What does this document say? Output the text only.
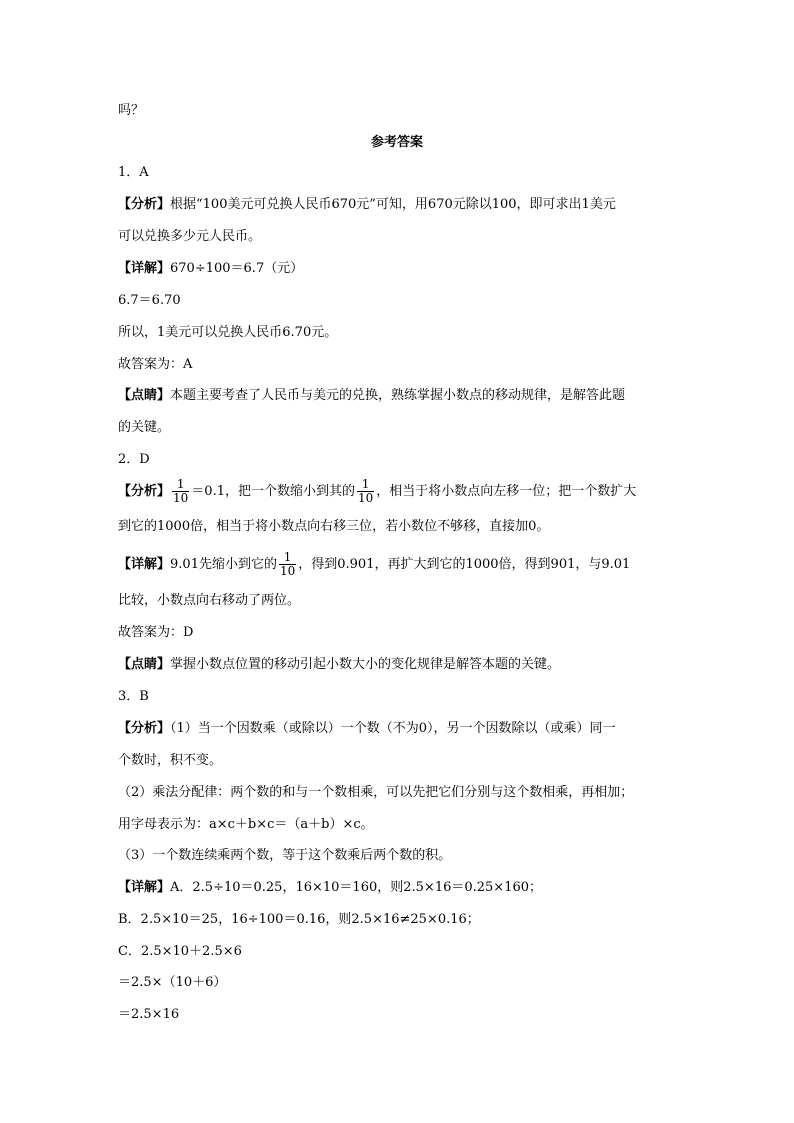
吗？
参考答案
1．A
【分析】根据“100美元可兑换人民币670元”可知，用670元除以100，即可求出1美元
可以兑换多少元人民币。
【详解】670÷100＝6.7（元）
6.7＝6.70
所以，1美元可以兑换人民币6.70元。
故答案为：A
【点睛】本题主要考查了人民币与美元的兑换，熟练掌握小数点的移动规律，是解答此题
的关键。
2．D
【分析】 $\frac{1}{10} =0.1$，把一个数缩小到其的 $\frac{1}{10}$ ，相当于将小数点向左移一位；把一个数扩大
到它的1000倍，相当于将小数点向右移三位，若小数位不够移，直接加0。
【详解】9.01先缩小到它的 $\frac{1}{10}$ ，得到0.901，再扩大到它的1000倍，得到901，与9.01
比较，小数点向右移动了两位。
故答案为：D
【点睛】掌握小数点位置的移动引起小数大小的变化规律是解答本题的关键。
3．B
【分析】（1）当一个因数乘（或除以）一个数（不为0），另一个因数除以（或乘）同一
个数时，积不变。
（2）乘法分配律：两个数的和与一个数相乘，可以先把它们分别与这个数相乘，再相加；
用字母表示为：a×c＋b×c＝（a＋b）×c。
（3）一个数连续乘两个数，等于这个数乘后两个数的积。
【详解】A．2.5÷10＝0.25，16×10＝160，则2.5×16＝0.25×160；
B．2.5×10＝25，16÷100＝0.16，则2.5×16≠25×0.16；
C．2.5×10＋2.5×6
＝2.5×（10＋6）
＝2.5×16
